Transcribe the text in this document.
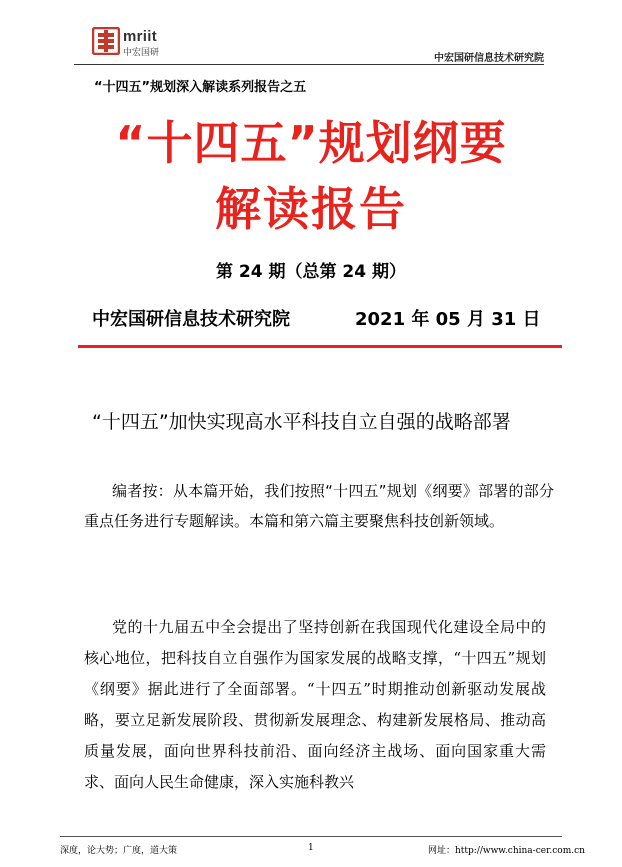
mriit
中宏国研	中宏国研信息技术研究院
“十四五”规划深入解读系列报告之五
“十四五”规划纲要
解读报告
第 24 期（总第 24 期）
中宏国研信息技术研究院	2021 年 05 月 31 日
“十四五”加快实现高水平科技自立自强的战略部署

编者按：从本篇开始，我们按照“十四五”规划《纲要》部署的部分重点任务进行专题解读。本篇和第六篇主要聚焦科技创新领域。

党的十九届五中全会提出了坚持创新在我国现代化建设全局中的核心地位，把科技自立自强作为国家发展的战略支撑，“十四五”规划《纲要》据此进行了全面部署。“十四五”时期推动创新驱动发展战略，要立足新发展阶段、贯彻新发展理念、构建新发展格局、推动高质量发展，面向世界科技前沿、面向经济主战场、面向国家重大需求、面向人民生命健康，深入实施科教兴

深度，论大势；广度，道大策	1	网址：http://www.china-cer.com.cn
